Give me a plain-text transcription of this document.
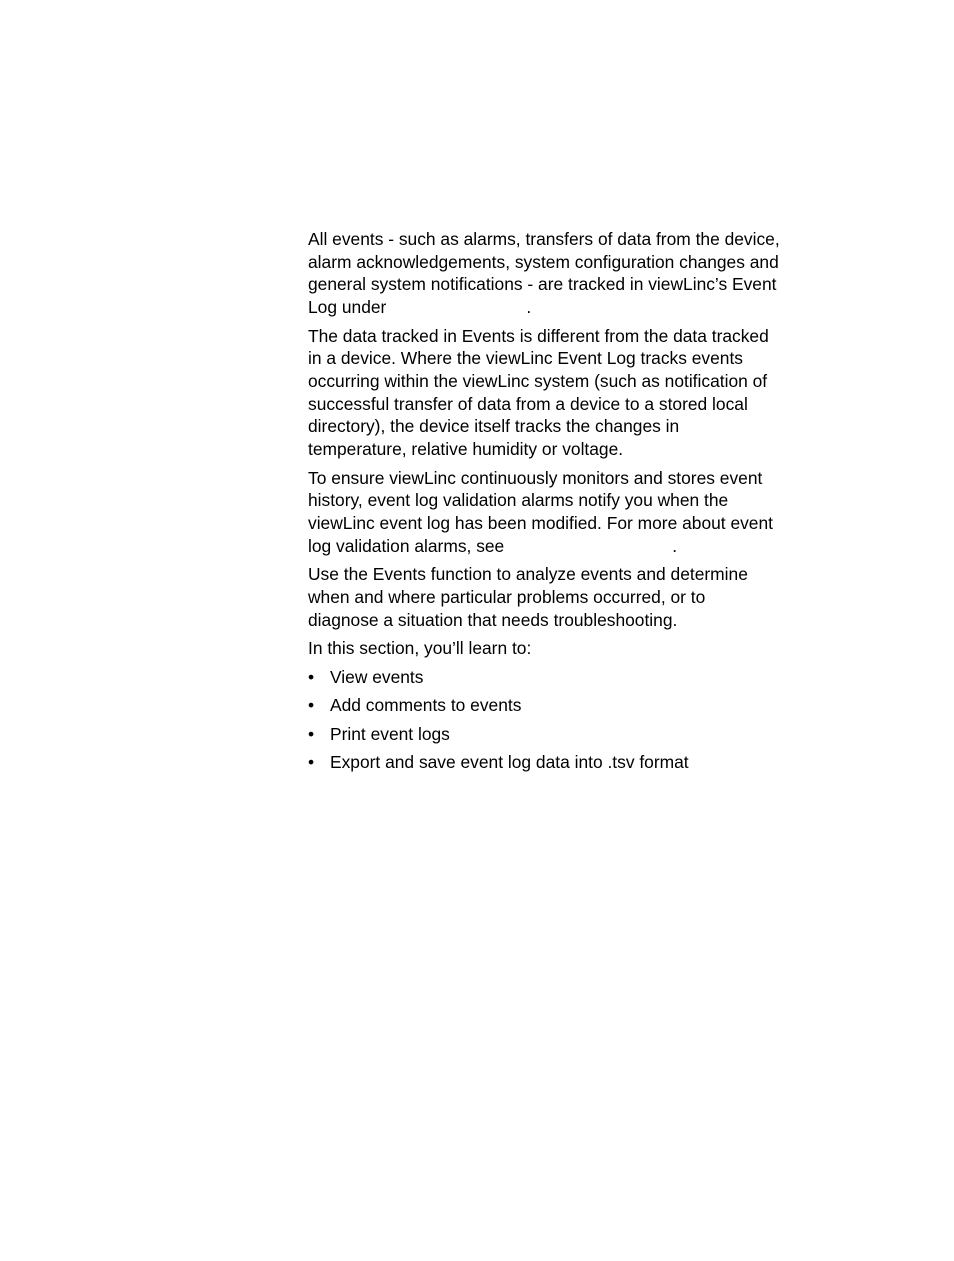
All events - such as alarms, transfers of data from the device,
alarm acknowledgements, system configuration changes and
general system notifications - are tracked in viewLinc’s Event
Log under	.

The data tracked in Events is different from the data tracked
in a device. Where the viewLinc Event Log tracks events
occurring within the viewLinc system (such as notification of
successful transfer of data from a device to a stored local
directory), the device itself tracks the changes in
temperature, relative humidity or voltage.

To ensure viewLinc continuously monitors and stores event
history, event log validation alarms notify you when the
viewLinc event log has been modified. For more about event
log validation alarms, see	.

Use the Events function to analyze events and determine
when and where particular problems occurred, or to
diagnose a situation that needs troubleshooting.

In this section, you’ll learn to:

• View events
• Add comments to events
• Print event logs
• Export and save event log data into .tsv format
